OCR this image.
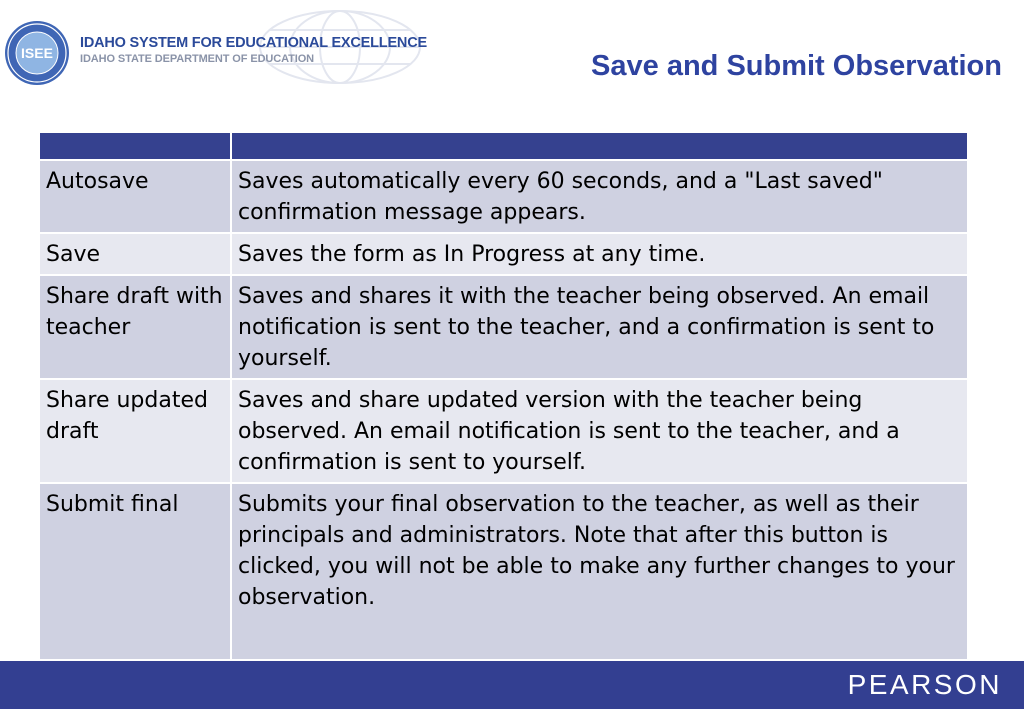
ISEE
IDAHO SYSTEM FOR EDUCATIONAL EXCELLENCE
IDAHO STATE DEPARTMENT OF EDUCATION	Save and Submit Observation

Autosave	Saves automatically every 60 seconds, and a "Last saved" confirmation message appears.
Save	Saves the form as In Progress at any time.
Share draft with teacher	Saves and shares it with the teacher being observed. An email notification is sent to the teacher, and a confirmation is sent to yourself.
Share updated draft	Saves and share updated version with the teacher being observed. An email notification is sent to the teacher, and a confirmation is sent to yourself.
Submit final	Submits your final observation to the teacher, as well as their principals and administrators. Note that after this button is clicked, you will not be able to make any further changes to your observation.
PEARSON
